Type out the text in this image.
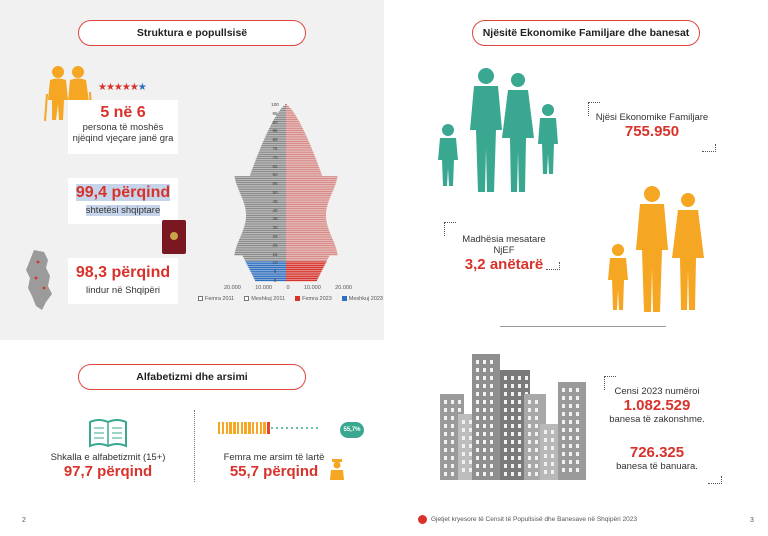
Struktura e popullsisë
★★★★★★
5 në 6
persona të moshës
njëqind vjeçare janë gra
99,4 përqind
shtetësi shqiptare
98,3 përqind
lindur në Shqipëri
100
95
90
85
80
75
70
65
60
55
50
45
40
35
30
25
20
15
10
5
0
20.000	10.000	0	10.000	20.000
Femra 2011	Meshkuj 2011	Femra 2023	Meshkuj 2023
Njësitë Ekonomike Familjare dhe banesat
Njësi Ekonomike Familjare
755.950
Madhësia mesatare NjEF
3,2 anëtarë
Alfabetizmi dhe arsimi
Shkalla e alfabetizmit (15+)
97,7 përqind
55,7%
Femra me arsim të lartë
55,7 përqind
Censi 2023 numëroi
1.082.529
banesa të zakonshme.
726.325
banesa të banuara.
2	Gjetjet kryesore të Censit të Popullsisë dhe Banesave në Shqipëri 2023	3
